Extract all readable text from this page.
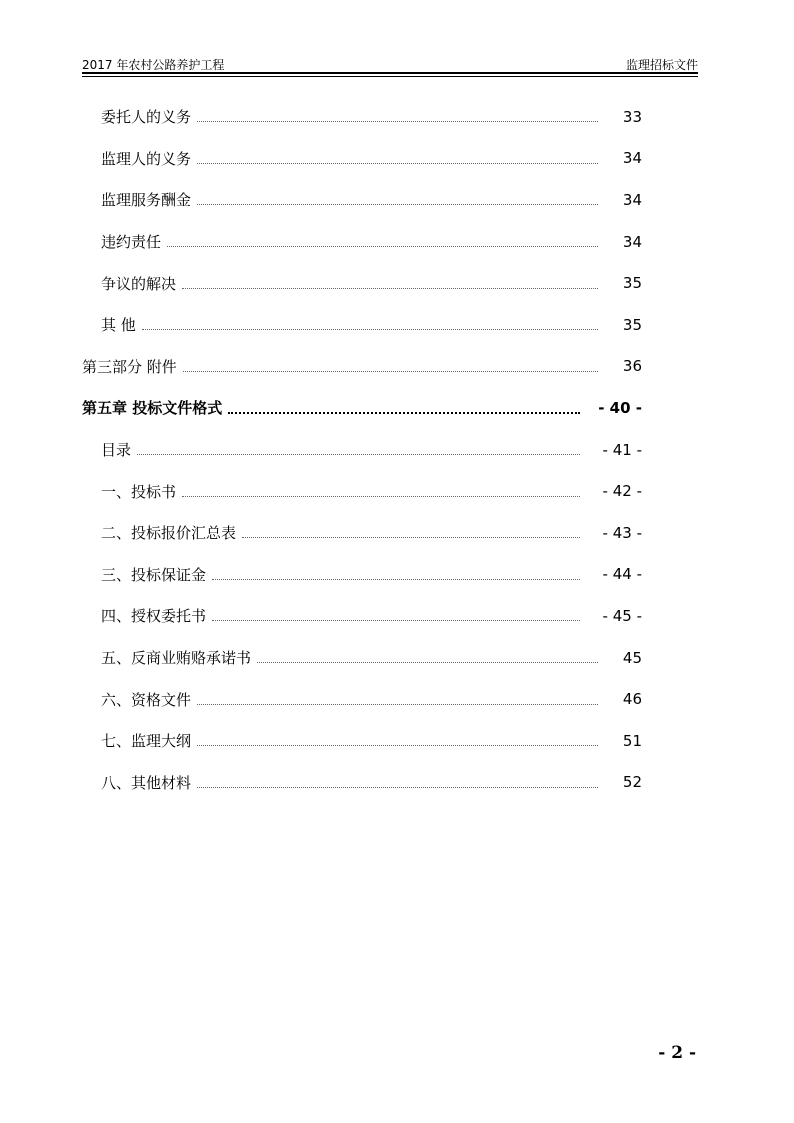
2017 年农村公路养护工程	监理招标文件
委托人的义务	33
监理人的义务	34
监理服务酬金	34
违约责任	34
争议的解决	35
其 他	35
第三部分 附件	36
第五章 投标文件格式	- 40 -
目录	- 41 -
一、投标书	- 42 -
二、投标报价汇总表	- 43 -
三、投标保证金	- 44 -
四、授权委托书	- 45 -
五、反商业贿赂承诺书	45
六、资格文件	46
七、监理大纲	51
八、其他材料	52
- 2 -
